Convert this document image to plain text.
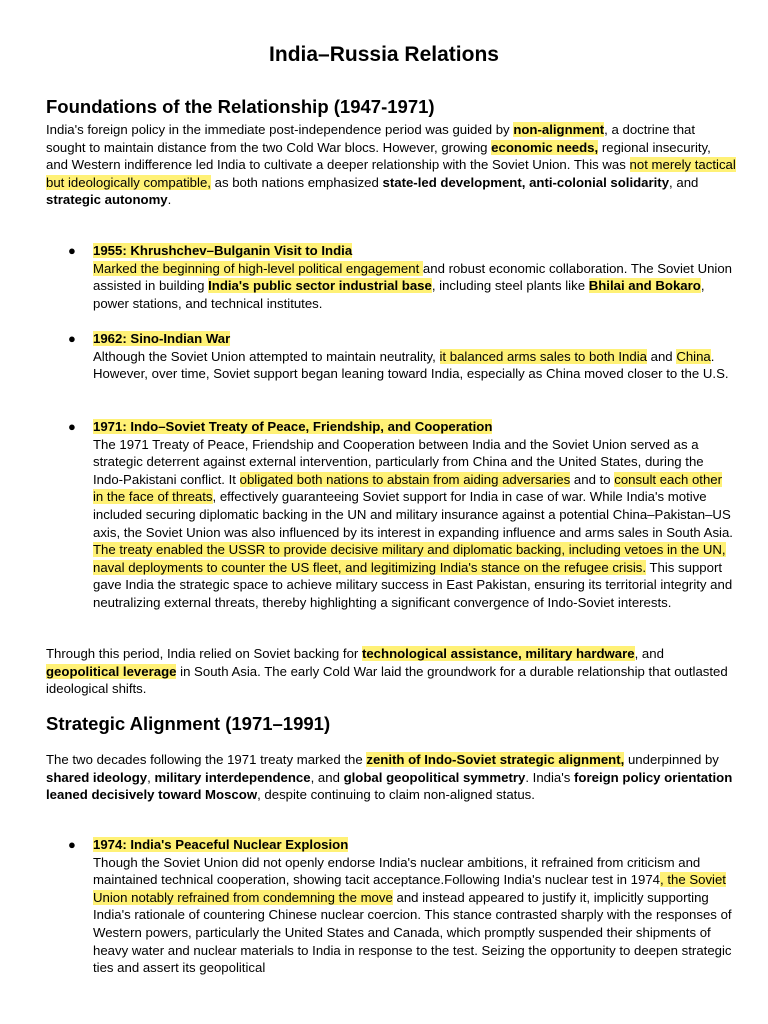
India–Russia Relations
Foundations of the Relationship (1947-1971)

India's foreign policy in the immediate post-independence period was guided by non-alignment, a doctrine that sought to maintain distance from the two Cold War blocs. However, growing economic needs, regional insecurity, and Western indifference led India to cultivate a deeper relationship with the Soviet Union. This was not merely tactical but ideologically compatible, as both nations emphasized state-led development, anti-colonial solidarity, and strategic autonomy.

● 1955: Khrushchev–Bulganin Visit to India
Marked the beginning of high-level political engagement and robust economic collaboration. The Soviet Union assisted in building India's public sector industrial base, including steel plants like Bhilai and Bokaro, power stations, and technical institutes.
● 1962: Sino-Indian War
Although the Soviet Union attempted to maintain neutrality, it balanced arms sales to both India and China. However, over time, Soviet support began leaning toward India, especially as China moved closer to the U.S.
● 1971: Indo–Soviet Treaty of Peace, Friendship, and Cooperation
The 1971 Treaty of Peace, Friendship and Cooperation between India and the Soviet Union served as a strategic deterrent against external intervention, particularly from China and the United States, during the Indo-Pakistani conflict. It obligated both nations to abstain from aiding adversaries and to consult each other in the face of threats, effectively guaranteeing Soviet support for India in case of war. While India's motive included securing diplomatic backing in the UN and military insurance against a potential China–Pakistan–US axis, the Soviet Union was also influenced by its interest in expanding influence and arms sales in South Asia. The treaty enabled the USSR to provide decisive military and diplomatic backing, including vetoes in the UN, naval deployments to counter the US fleet, and legitimizing India's stance on the refugee crisis. This support gave India the strategic space to achieve military success in East Pakistan, ensuring its territorial integrity and neutralizing external threats, thereby highlighting a significant convergence of Indo-Soviet interests.

Through this period, India relied on Soviet backing for technological assistance, military hardware, and geopolitical leverage in South Asia. The early Cold War laid the groundwork for a durable relationship that outlasted ideological shifts.

Strategic Alignment (1971–1991)

The two decades following the 1971 treaty marked the zenith of Indo-Soviet strategic alignment, underpinned by shared ideology, military interdependence, and global geopolitical symmetry. India's foreign policy orientation leaned decisively toward Moscow, despite continuing to claim non-aligned status.

● 1974: India's Peaceful Nuclear Explosion
Though the Soviet Union did not openly endorse India's nuclear ambitions, it refrained from criticism and maintained technical cooperation, showing tacit acceptance.Following India's nuclear test in 1974, the Soviet Union notably refrained from condemning the move and instead appeared to justify it, implicitly supporting India's rationale of countering Chinese nuclear coercion. This stance contrasted sharply with the responses of Western powers, particularly the United States and Canada, which promptly suspended their shipments of heavy water and nuclear materials to India in response to the test. Seizing the opportunity to deepen strategic ties and assert its geopolitical
